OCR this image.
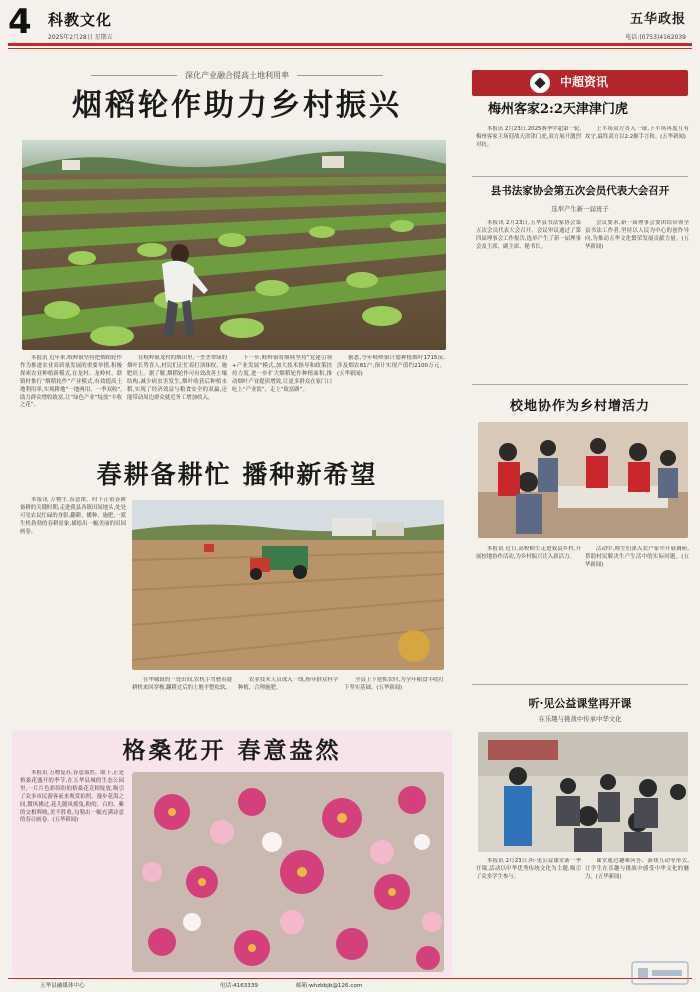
4 科教文化
2025年2月28日 星期五
五华政报
电话:(0753)4162039
深化产业融合提高土地利用率
烟稻轮作助力乡村振兴

本报讯 近年来,岐岭镇坚持把烟稻轮作作为推进农业高质量发展的重要举措,积极探索农业种植新模式,在龙村、龙岭村、联镇村推行“烟稻轮作”产业模式,有效提高土地利用率,实现耕地“一地两用、一季双收”,助力群众增收致富,让“绿色产业”绽放“丰收之花”。

在岐岭镇龙村的烟田里,一垄垄翠绿的烟叶长势喜人,村民们正忙着打顶抹杈、施肥培土。据了解,烟稻轮作可有效改善土壤结构,减少病虫害发生,烟叶收获后种植水稻,实现了经济效益与粮食安全的双赢,还能带动周边群众就近务工增加收入。

下一步,岐岭镇将继续坚持“党建引领+产业发展”模式,加大技术指导和政策扶持力度,进一步扩大烟稻轮作种植面积,推动烟叶产业提质增效,让更多群众在家门口吃上“产业饭”、走上“致富路”。

据悉,今年岐岭镇计划种植烟叶1715亩,涉及烟农81户,预计实现产值约2100万元。(五华新闻)

春耕备耕忙 播种新希望

本报讯 万物生,春意浓。时下正值春耕备耕的关键时期,走进我县各镇田间地头,处处可见农民忙碌的身影,翻耕、播种、施肥,一派生机勃勃的春耕景象,描绘出一幅美丽的田园画卷。

在华城镇的一处田间,农机手驾驶着旋耕机来回穿梭,翻耕过后的土地平整松软。

农业技术人员深入一线,指导群众科学种植、合理施肥。

全县上下抢抓农时,为全年粮食丰收打下坚实基础。(五华新闻)

格桑花开 春意盎然

本报讯 万物复苏,春意盎然。眼下,正是格桑花盛开的季节,在五华县城的生态公园里,一片片色彩缤纷的格桑花竞相绽放,吸引了众多市民游客前来观赏拍照。漫步花海之间,微风拂过,花儿随风摇曳,粉的、白的、紫的交相辉映,美不胜收,勾勒出一幅充满诗意的春日画卷。(五华新闻)

中超资讯
梅州客家2:2天津津门虎

本报讯 2月23日,2025赛季中超第一轮,梅州客家主场迎战天津津门虎,双方展开激烈对抗。

上半场双方各入一球,下半场再度互有攻守,最终双方以2:2握手言和。(五华新闻)

县书法家协会第五次会员代表大会召开
选举产生新一届班子

本报讯 2月23日,五华县书法家协会第五次会员代表大会召开。会议审议通过了第四届理事会工作报告,选举产生了新一届理事会及主席、副主席、秘书长。

会议要求,新一届理事会要团结带领全县书法工作者,坚持以人民为中心的创作导向,为推动五华文化繁荣发展贡献力量。(五华新闻)

校地协作为乡村增活力

本报讯 近日,高校师生走进我县乡村,开展校地协作活动,为乡村振兴注入新活力。

活动中,师生们深入农户家中开展调研,帮助村民解决生产生活中的实际问题。(五华新闻)

听·见公益课堂再开课
在乐趣与挑战中传承中华文化

本报讯 2月23日,听·见公益课堂新一季开课,活动以中华优秀传统文化为主题,吸引了众多学生参与。

课堂通过趣味问答、游戏互动等形式,让学生在乐趣与挑战中感受中华文化的魅力。(五华新闻)

五华县融媒体中心	电话:4163339	邮箱:whzbbjb@126.com
